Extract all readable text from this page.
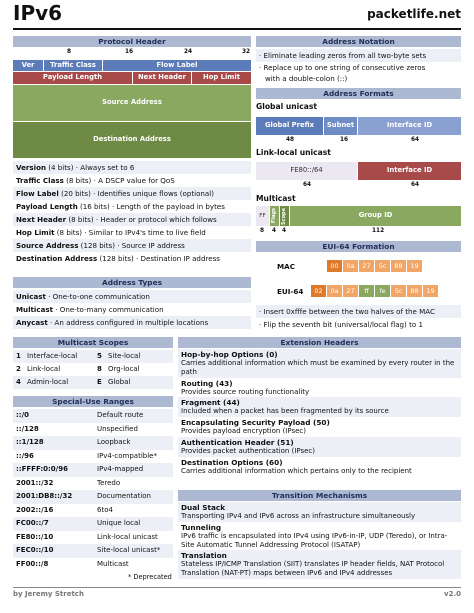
IPv6	packetlife.net
Protocol Header
8	16	24	32
Ver	Traffic Class	Flow Label
Payload Length	Next Header	Hop Limit
Source Address
Destination Address
Version (4 bits) · Always set to 6
Traffic Class (8 bits) · A DSCP value for QoS
Flow Label (20 bits) · Identifies unique flows (optional)
Payload Length (16 bits) · Length of the payload in bytes
Next Header (8 bits) · Header or protocol which follows
Hop Limit (8 bits) · Similar to IPv4's time to live field
Source Address (128 bits) · Source IP address
Destination Address (128 bits) · Destination IP address
Address Types
Unicast · One-to-one communication
Multicast · One-to-many communication
Anycast · An address configured in multiple locations
Multicast Scopes
1 Interface-local	5 Site-local
2 Link-local	8 Org-local
4 Admin-local	E Global
Special-Use Ranges
::/0	Default route
::/128	Unspecified
::1/128	Loopback
::/96	IPv4-compatible*
::FFFF:0:0/96	IPv4-mapped
2001::/32	Teredo
2001:DB8::/32	Documentation
2002::/16	6to4
FC00::/7	Unique local
FE80::/10	Link-local unicast
FEC0::/10	Site-local unicast*
FF00::/8	Multicast
* Deprecated
Address Notation
· Eliminate leading zeros from all two-byte sets
· Replace up to one string of consecutive zeros
with a double-colon (::)
Address Formats
Global unicast
Global Prefix	Subnet	Interface ID
48	16	64
Link-local unicast
FE80::/64	Interface ID
64	64
Multicast
FF Flags Scope	Group ID
8 4 4	112
EUI-64 Formation
MAC	00	0a	27	5c	88	19
EUI-64	02	0a	27	ff	fe	5c	88	19
· Insert 0xfffe between the two halves of the MAC
· Flip the seventh bit (universal/local flag) to 1
Extension Headers
Hop-by-hop Options (0)
Carries additional information which must be examined by every router in the path
Routing (43)
Provides source routing functionality
Fragment (44)
Included when a packet has been fragmented by its source
Encapsulating Security Payload (50)
Provides payload encryption (IPsec)
Authentication Header (51)
Provides packet authentication (IPsec)
Destination Options (60)
Carries additional information which pertains only to the recipient
Transition Mechanisms
Dual Stack
Transporting IPv4 and IPv6 across an infrastructure simultaneously
Tunneling
IPv6 traffic is encapsulated into IPv4 using IPv6-in-IP, UDP (Teredo), or Intra-Site Automatic Tunnel Addressing Protocol (ISATAP)
Translation
Stateless IP/ICMP Translation (SIIT) translates IP header fields, NAT Protocol Translation (NAT-PT) maps between IPv6 and IPv4 addresses
by Jeremy Stretch	v2.0
